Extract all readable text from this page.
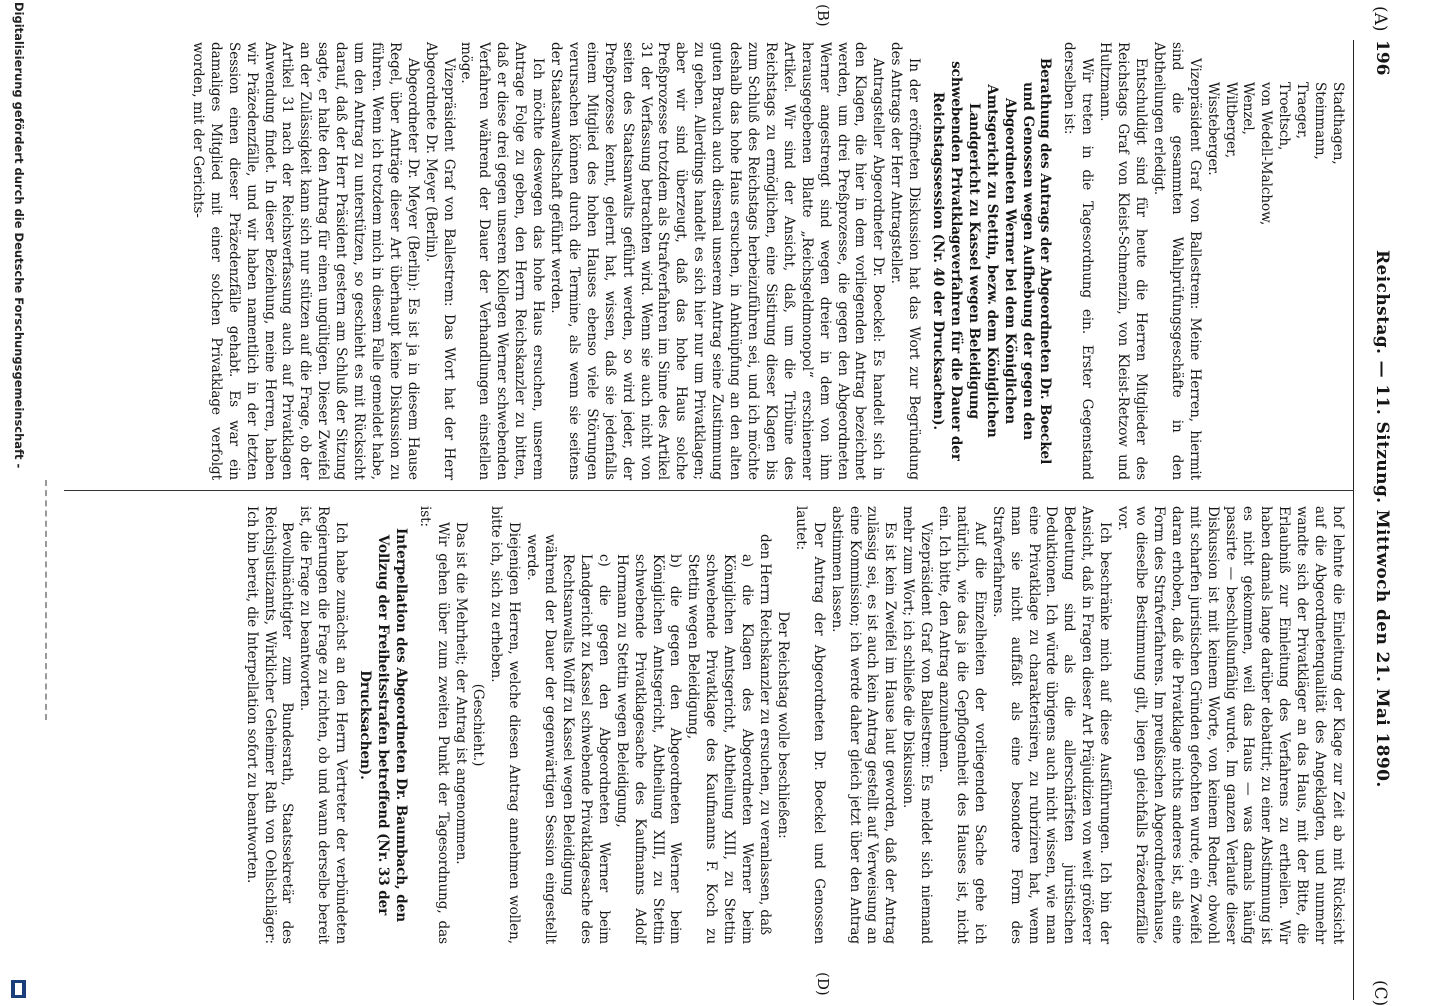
(A)
196
Reichstag. — 11. Sitzung. Mittwoch den 21. Mai 1890.
(C)
(B)
(D)
Stadthagen,
Steinmann,
Traeger,
Troeltsch,
von Wedell-Malchow,
Wenzel,
Wiltberger,
Wissteberger.

Vizepräsident Graf von Ballestrem: Meine Herren, hiermit sind die gesammten Wahlprüfungsgeschäfte in den Abtheilungen erledigt.

Entschuldigt sind für heute die Herren Mitglieder des Reichstags Graf von Kleist-Schmenzin, von Kleist-Retzow und Hultzmann.

Wir treten in die Tagesordnung ein. Erster Gegenstand derselben ist:

Berathung des Antrags der Abgeordneten Dr. Boeckel und Genossen wegen Aufhebung der gegen den Abgeordneten Werner bei dem Königlichen Amtsgericht zu Stettin, bezw. dem Königlichen Landgericht zu Kassel wegen Beleidigung schwebenden Privatklageverfahren für die Dauer der Reichstagssession (Nr. 40 der Drucksachen).

In der eröffneten Diskussion hat das Wort zur Begründung des Antrags der Herr Antragsteller.

Antragsteller Abgeordneter Dr. Boeckel: Es handelt sich in den Klagen, die hier in dem vorliegenden Antrag bezeichnet werden, um drei Preßprozesse, die gegen den Abgeordneten Werner angestrengt sind wegen dreier in dem von ihm herausgegebenen Blatte „Reichsgeldmonopol“ erschienener Artikel. Wir sind der Ansicht, daß, um die Tribüne des Reichstags zu ermöglichen, eine Sistirung dieser Klagen bis zum Schluß des Reichstags herbeizuführen sei, und ich möchte deshalb das hohe Haus ersuchen, in Anknüpfung an den alten guten Brauch auch diesmal unserem Antrag seine Zustimmung zu geben. Allerdings handelt es sich hier nur um Privatklagen; aber wir sind überzeugt, daß das hohe Haus solche Preßprozesse trotzdem als Strafverfahren im Sinne des Artikel 31 der Verfassung betrachten wird. Wenn sie auch nicht von seiten des Staatsanwalts geführt werden, so wird jeder, der Preßprozesse kennt, gelernt hat, wissen, daß sie jedenfalls einem Mitglied des hohen Hauses ebenso viele Störungen verursachen können durch die Termine, als wenn sie seitens der Staatsanwaltschaft geführt werden.

Ich möchte deswegen das hohe Haus ersuchen, unserem Antrage Folge zu geben, den Herrn Reichskanzler zu bitten, daß er diese drei gegen unseren Kollegen Werner schwebenden Verfahren während der Dauer der Verhandlungen einstellen möge.

Vizepräsident Graf von Ballestrem: Das Wort hat der Herr Abgeordnete Dr. Meyer (Berlin).

Abgeordneter Dr. Meyer (Berlin): Es ist ja in diesem Hause Regel, über Anträge dieser Art überhaupt keine Diskussion zu führen. Wenn ich trotzdem mich in diesem Falle gemeldet habe, um den Antrag zu unterstützen, so geschieht es mit Rücksicht darauf, daß der Herr Präsident gestern am Schluß der Sitzung sagte, er halte den Antrag für einen ungültigen. Dieser Zweifel an der Zulässigkeit kann sich nur stützen auf die Frage, ob der Artikel 31 nach der Reichsverfassung auch auf Privatklagen Anwendung findet. In dieser Beziehung, meine Herren, haben wir Präzedenzfälle, und wir haben namentlich in der letzten Session einen dieser Präzedenzfälle gehabt. Es war ein damaliges Mitglied mit einer solchen Privatklage verfolgt worden, mit der Gerichts-

hof lehnte die Einleitung der Klage zur Zeit ab mit Rücksicht auf die Abgeordnetenqualität des Angeklagten, und nunmehr wandte sich der Privatkläger an das Haus, mit der Bitte, die Erlaubniß zur Einleitung des Verfahrens zu ertheilen. Wir haben damals lange darüber debattirt; zu einer Abstimmung ist es nicht gekommen, weil das Haus — was damals häufig passirte — beschlußunfähig wurde. Im ganzen Verlaufe dieser Diskussion ist mit keinem Worte, von keinem Redner, obwohl mit scharfen juristischen Gründen gefochten wurde, ein Zweifel daran erhoben, daß die Privatklage nichts anderes ist, als eine Form des Strafverfahrens. Im preußischen Abgeordnetenhause, wo dieselbe Bestimmung gilt, liegen gleichfalls Präzedenzfälle vor.

Ich beschränke mich auf diese Ausführungen. Ich bin der Ansicht, daß in Fragen dieser Art Präjudizien von weit größerer Bedeutung sind als die allerschärfsten juristischen Deduktionen. Ich würde übrigens auch nicht wissen, wie man eine Privatklage zu charakterisiren, zu rubriziren hat, wenn man sie nicht auffaßt als eine besondere Form des Strafverfahrens.

Auf die Einzelheiten der vorliegenden Sache gehe ich natürlich, wie das ja die Gepflogenheit des Hauses ist, nicht ein. Ich bitte, den Antrag anzunehmen.

Vizepräsident Graf von Ballestrem: Es meldet sich niemand mehr zum Wort; ich schließe die Diskussion.

Es ist kein Zweifel im Hause laut geworden, daß der Antrag zulässig sei, es ist auch kein Antrag gestellt auf Verweisung an eine Kommission; ich werde daher gleich jetzt über den Antrag abstimmen lassen.

Der Antrag der Abgeordneten Dr. Boeckel und Genossen lautet:

Der Reichstag wolle beschließen:

den Herrn Reichskanzler zu ersuchen, zu veranlassen, daß

a) die Klagen des Abgeordneten Werner beim Königlichen Amtsgericht, Abtheilung XIII, zu Stettin schwebende Privatklage des Kaufmanns F. Koch zu Stettin wegen Beleidigung,

b) die gegen den Abgeordneten Werner beim Königlichen Amtsgericht, Abtheilung XIII, zu Stettin schwebende Privatklagesache des Kaufmanns Adolf Hormann zu Stettin wegen Beleidigung,

c) die gegen den Abgeordneten Werner beim Landgericht zu Kassel schwebende Privatklagesache des Rechtsanwalts Wolff zu Kassel wegen Beleidigung

während der Dauer der gegenwärtigen Session eingestellt werde.

Diejenigen Herren, welche diesen Antrag annehmen wollen, bitte ich, sich zu erheben.

(Geschieht.)

Das ist die Mehrheit; der Antrag ist angenommen.

Wir gehen über zum zweiten Punkt der Tagesordnung, das ist:

Interpellation des Abgeordneten Dr. Baumbach, den Vollzug der Freiheitsstrafen betreffend (Nr. 33 der Drucksachen).

Ich habe zunächst an den Herrn Vertreter der verbündeten Regierungen die Frage zu richten, ob und wann derselbe bereit ist, die Frage zu beantworten.

Bevollmächtigter zum Bundesrath, Staatssekretär des Reichsjustizamts, Wirklicher Geheimer Rath von Oehlschläger: Ich bin bereit, die Interpellation sofort zu beantworten.

Digitalisierung gefördert durch die Deutsche Forschungsgemeinschaft -
